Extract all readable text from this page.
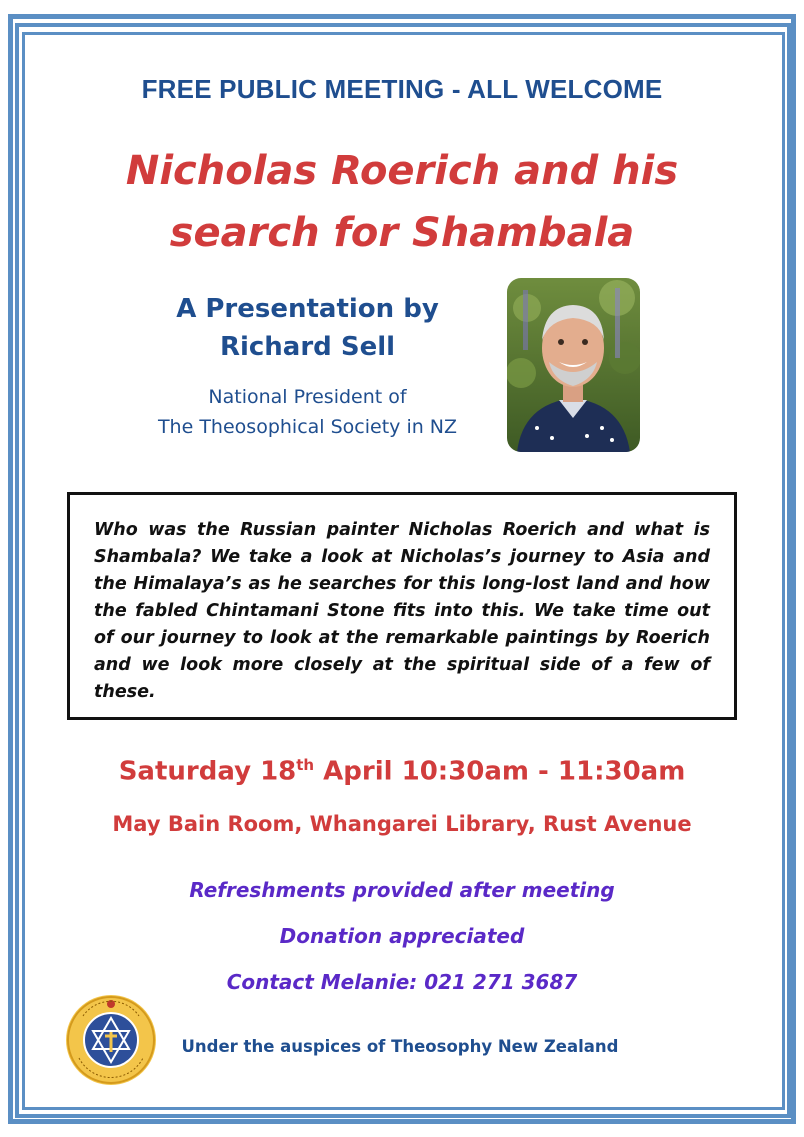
FREE PUBLIC MEETING - ALL WELCOME
Nicholas Roerich and his
search for Shambala
A Presentation by
Richard Sell
National President of
The Theosophical Society in NZ
Who was the Russian painter Nicholas Roerich and what is Shambala? We take a look at Nicholas’s journey to Asia and the Himalaya’s as he searches for this long-lost land and how the fabled Chintamani Stone fits into this. We take time out of our journey to look at the remarkable paintings by Roerich and we look more closely at the spiritual side of a few of these.
Saturday 18th April 10:30am - 11:30am
May Bain Room, Whangarei Library, Rust Avenue
Refreshments provided after meeting
Donation appreciated
Contact Melanie: 021 271 3687
Under the auspices of Theosophy New Zealand
